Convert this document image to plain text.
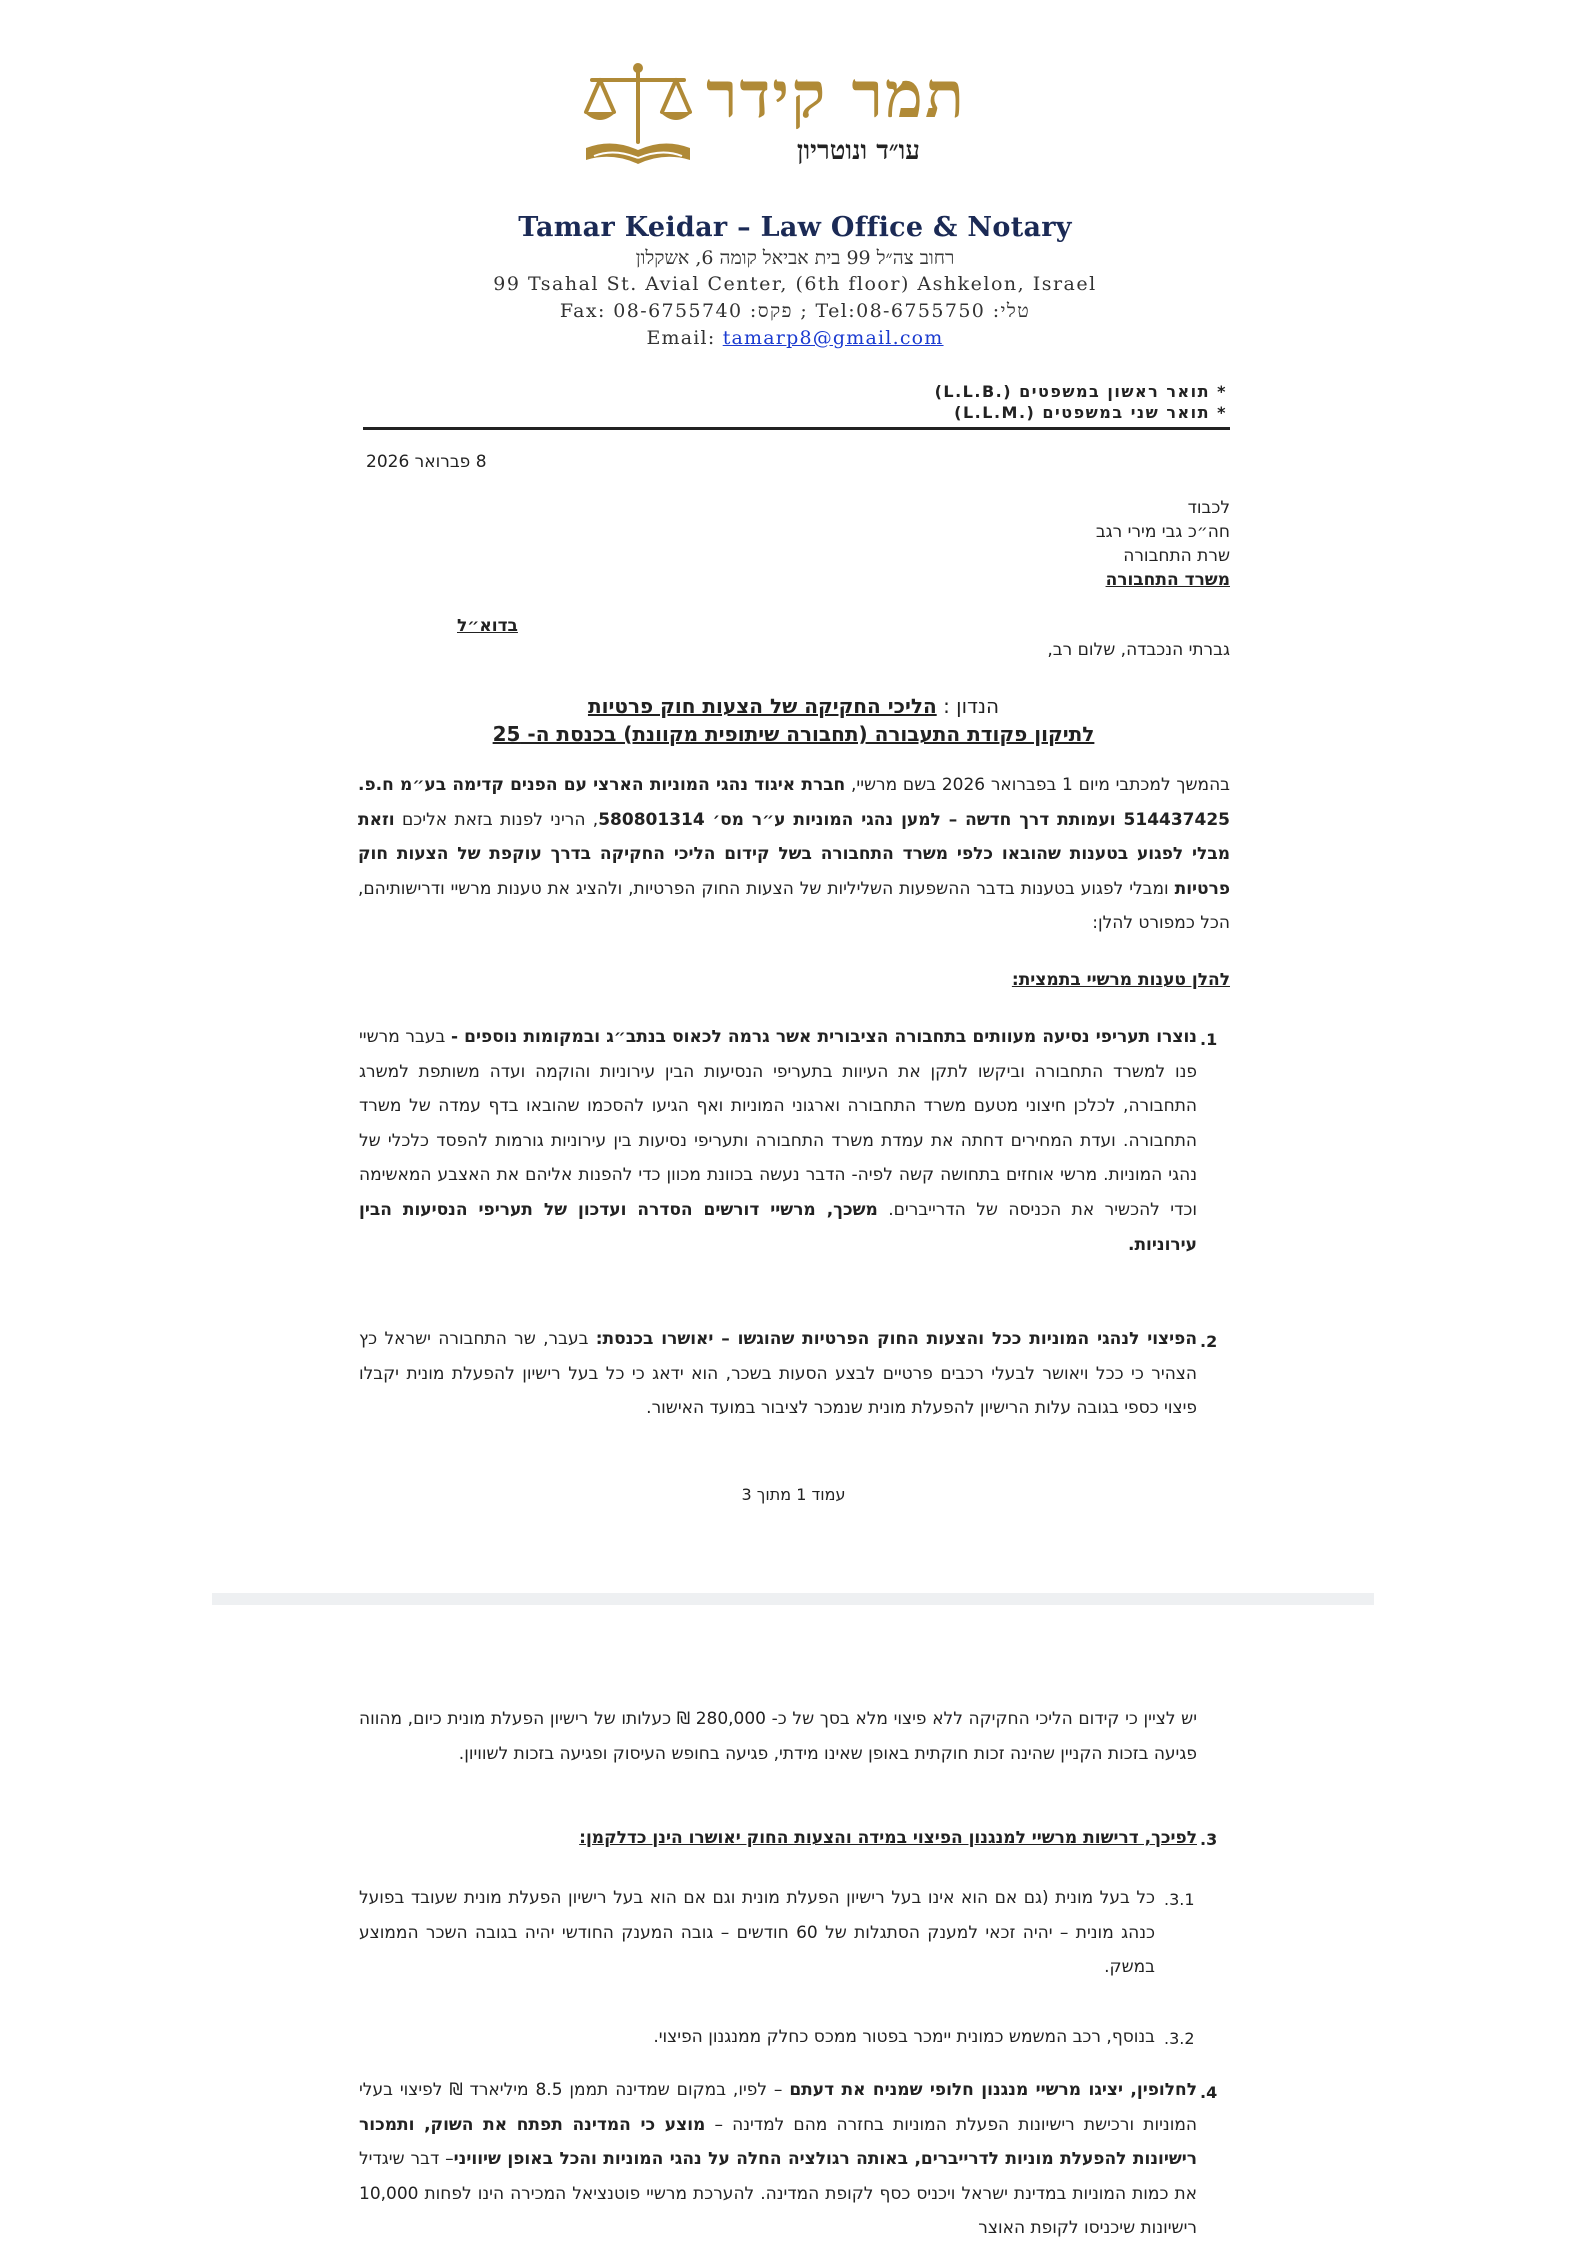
תמר קידר
עו״ד ונוטריון
Tamar Keidar – Law Office & Notary
רחוב צה״ל 99 בית אביאל קומה 6, אשקלון
99 Tsahal St. Avial Center, (6th floor) Ashkelon, Israel
Fax: 08-6755740 :פקס ; Tel:08-6755750 :טלי
Email: tamarp8@gmail.com
* תואר ראשון במשפטים (.L.L.B)
* תואר שני במשפטים (.L.L.M)
8 פברואר 2026
לכבוד
חה״כ גבי מירי רגב
שרת התחבורה
משרד התחבורה
בדוא״ל
גברתי הנכבדה, שלום רב,
הנדון : הליכי החקיקה של הצעות חוק פרטיות
לתיקון פקודת התעבורה (תחבורה שיתופית מקוונת) בכנסת ה- 25
בהמשך למכתבי מיום 1 בפברואר 2026 בשם מרשיי, חברת איגוד נהגי המוניות הארצי עם הפנים קדימה בע״מ ח.פ. 514437425 ועמותת דרך חדשה – למען נהגי המוניות ע״ר מס׳ 580801314, הריני לפנות בזאת אליכם וזאת מבלי לפגוע בטענות שהובאו כלפי משרד התחבורה בשל קידום הליכי החקיקה בדרך עוקפת של הצעות חוק פרטיות ומבלי לפגוע בטענות בדבר ההשפעות השליליות של הצעות החוק הפרטיות, ולהציג את טענות מרשיי ודרישותיהם, הכל כמפורט להלן:
להלן טענות מרשיי בתמצית:
.1
נוצרו תעריפי נסיעה מעוותים בתחבורה הציבורית אשר גרמה לכאוס בנתב״ג ובמקומות נוספים - בעבר מרשיי פנו למשרד התחבורה וביקשו לתקן את העיוות בתעריפי הנסיעות הבין עירוניות והוקמה ועדה משותפת למשרג התחבורה, לכלכן חיצוני מטעם משרד התחבורה וארגוני המוניות ואף הגיעו להסכמו שהובאו בדף עמדה של משרד התחבורה. ועדת המחירים דחתה את עמדת משרד התחבורה ותעריפי נסיעות בין עירוניות גורמות להפסד כלכלי של נהגי המוניות. מרשי אוחזים בתחושה קשה לפיה- הדבר נעשה בכוונת מכוון כדי להפנות אליהם את האצבע המאשימה וכדי להכשיר את הכניסה של הדרייברים. משכך, מרשיי דורשים הסדרה ועדכון של תעריפי הנסיעות הבין עירוניות.
.2
הפיצוי לנהגי המוניות ככל והצעות החוק הפרטיות שהוגשו – יאושרו בכנסת: בעבר, שר התחבורה ישראל כץ הצהיר כי ככל ויאושר לבעלי רכבים פרטיים לבצע הסעות בשכר, הוא ידאג כי כל בעל רישיון להפעלת מונית יקבלו פיצוי כספי בגובה עלות הרישיון להפעלת מונית שנמכר לציבור במועד האישור.
עמוד 1 מתוך 3
יש לציין כי קידום הליכי החקיקה ללא פיצוי מלא בסך של כ- 280,000 ₪ כעלותו של רישיון הפעלת מונית כיום, מהווה פגיעה בזכות הקניין שהינה זכות חוקתית באופן שאינו מידתי, פגיעה בחופש העיסוק ופגיעה בזכות לשוויון.
.3
לפיכך, דרישות מרשיי למנגנון הפיצוי במידה והצעות החוק יאושרו הינן כדלקמן:
.3.1
כל בעל מונית (גם אם הוא אינו בעל רישיון הפעלת מונית וגם אם הוא בעל רישיון הפעלת מונית שעובד בפועל כנהג מונית – יהיה זכאי למענק הסתגלות של 60 חודשים – גובה המענק החודשי יהיה בגובה השכר הממוצע במשק.
.3.2
בנוסף, רכב המשמש כמונית יימכר בפטור ממכס כחלק ממנגנון הפיצוי.
.4
לחלופין, יציגו מרשיי מנגנון חלופי שמניח את דעתם – לפיו, במקום שמדינה תממן 8.5 מיליארד ₪ לפיצוי בעלי המוניות ורכישת רישיונות הפעלת המוניות בחזרה מהם למדינה – מוצע כי המדינה תפתח את השוק, ותמכור רישיונות להפעלת מוניות לדרייברים, באותה רגולציה החלה על נהגי המוניות והכל באופן שיוויני– דבר שיגדיל את כמות המוניות במדינת ישראל ויכניס כסף לקופת המדינה. להערכת מרשיי פוטנציאל המכירה הינו לפחות 10,000 רישיונות שיכניסו לקופת האוצר
